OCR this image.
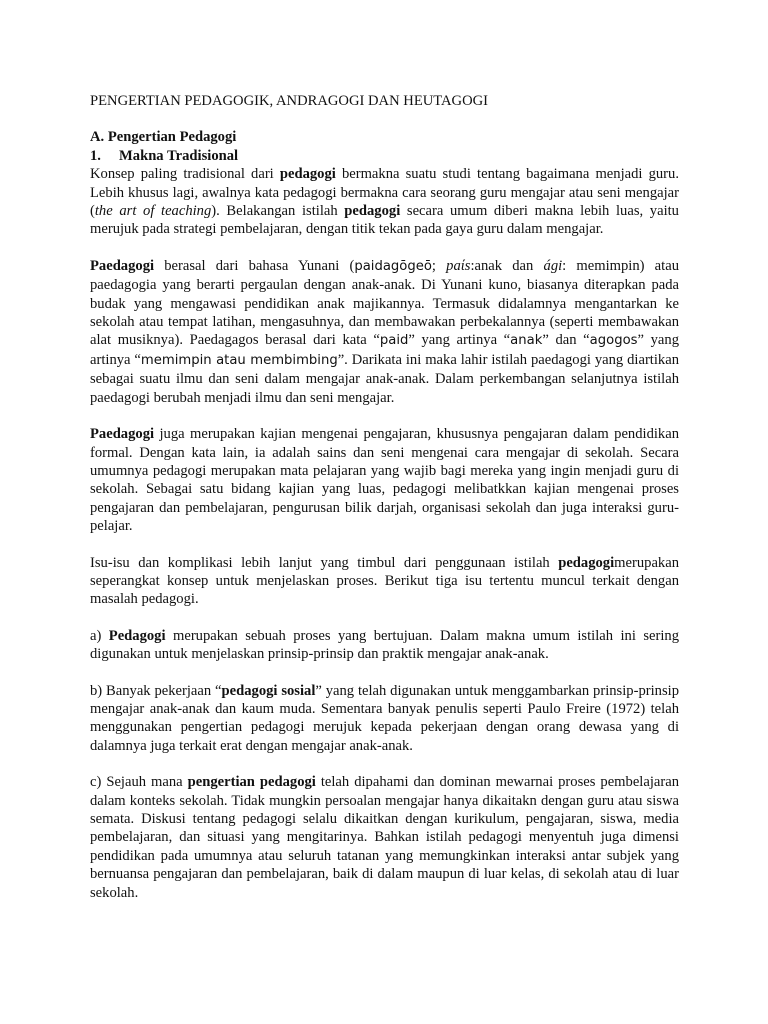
PENGERTIAN PEDAGOGIK, ANDRAGOGI DAN HEUTAGOGI
A. Pengertian Pedagogi
1. Makna Tradisional

Konsep paling tradisional dari pedagogi bermakna suatu studi tentang bagaimana menjadi guru. Lebih khusus lagi, awalnya kata pedagogi bermakna cara seorang guru mengajar atau seni mengajar (the art of teaching). Belakangan istilah pedagogi secara umum diberi makna lebih luas, yaitu merujuk pada strategi pembelajaran, dengan titik tekan pada gaya guru dalam mengajar.

Paedagogi berasal dari bahasa Yunani (paidagōgeō; paίs:anak dan ági: memimpin) atau paedagogia yang berarti pergaulan dengan anak-anak. Di Yunani kuno, biasanya diterapkan pada budak yang mengawasi pendidikan anak majikannya. Termasuk didalamnya mengantarkan ke sekolah atau tempat latihan, mengasuhnya, dan membawakan perbekalannya (seperti membawakan alat musiknya). Paedagagos berasal dari kata “paid” yang artinya “anak” dan “agogos” yang artinya “memimpin atau membimbing”. Darikata ini maka lahir istilah paedagogi yang diartikan sebagai suatu ilmu dan seni dalam mengajar anak-anak. Dalam perkembangan selanjutnya istilah paedagogi berubah menjadi ilmu dan seni mengajar.

Paedagogi juga merupakan kajian mengenai pengajaran, khususnya pengajaran dalam pendidikan formal. Dengan kata lain, ia adalah sains dan seni mengenai cara mengajar di sekolah. Secara umumnya pedagogi merupakan mata pelajaran yang wajib bagi mereka yang ingin menjadi guru di sekolah. Sebagai satu bidang kajian yang luas, pedagogi melibatkkan kajian mengenai proses pengajaran dan pembelajaran, pengurusan bilik darjah, organisasi sekolah dan juga interaksi guru-pelajar.

Isu-isu dan komplikasi lebih lanjut yang timbul dari penggunaan istilah pedagogimerupakan seperangkat konsep untuk menjelaskan proses. Berikut tiga isu tertentu muncul terkait dengan masalah pedagogi.

a) Pedagogi merupakan sebuah proses yang bertujuan. Dalam makna umum istilah ini sering digunakan untuk menjelaskan prinsip-prinsip dan praktik mengajar anak-anak.

b) Banyak pekerjaan “pedagogi sosial” yang telah digunakan untuk menggambarkan prinsip-prinsip mengajar anak-anak dan kaum muda. Sementara banyak penulis seperti Paulo Freire (1972) telah menggunakan pengertian pedagogi merujuk kepada pekerjaan dengan orang dewasa yang di dalamnya juga terkait erat dengan mengajar anak-anak.

c) Sejauh mana pengertian pedagogi telah dipahami dan dominan mewarnai proses pembelajaran dalam konteks sekolah. Tidak mungkin persoalan mengajar hanya dikaitakn dengan guru atau siswa semata. Diskusi tentang pedagogi selalu dikaitkan dengan kurikulum, pengajaran, siswa, media pembelajaran, dan situasi yang mengitarinya. Bahkan istilah pedagogi menyentuh juga dimensi pendidikan pada umumnya atau seluruh tatanan yang memungkinkan interaksi antar subjek yang bernuansa pengajaran dan pembelajaran, baik di dalam maupun di luar kelas, di sekolah atau di luar sekolah.
